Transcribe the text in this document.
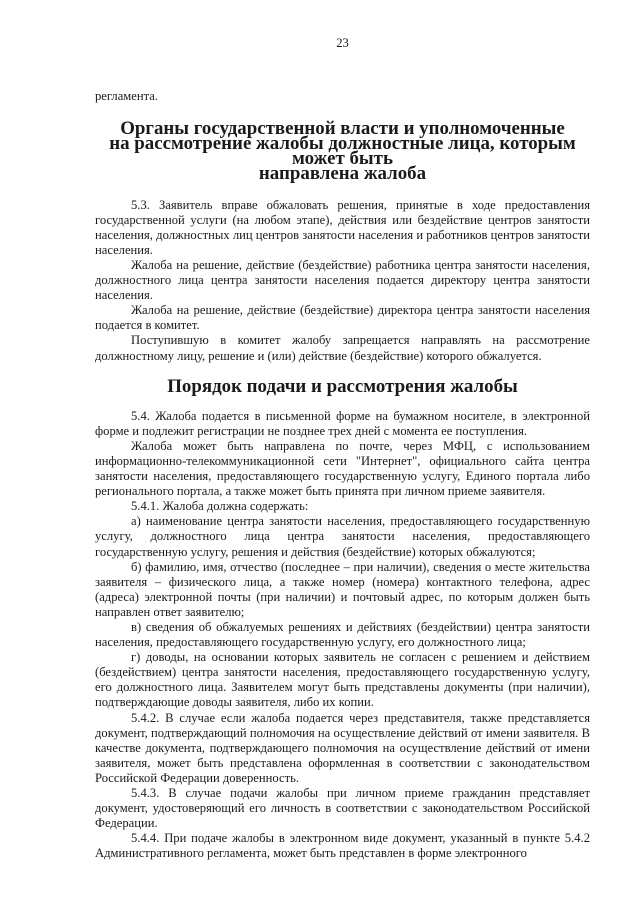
23

регламента.

Органы государственной власти и уполномоченные
на рассмотрение жалобы должностные лица, которым может быть
направлена жалоба

5.3. Заявитель вправе обжаловать решения, принятые в ходе предоставления государственной услуги (на любом этапе), действия или бездействие центров занятости населения, должностных лиц центров занятости населения и работников центров занятости населения.

Жалоба на решение, действие (бездействие) работника центра занятости населения, должностного лица центра занятости населения подается директору центра занятости населения.

Жалоба на решение, действие (бездействие) директора центра занятости населения подается в комитет.

Поступившую в комитет жалобу запрещается направлять на рассмотрение должностному лицу, решение и (или) действие (бездействие) которого обжалуется.

Порядок подачи и рассмотрения жалобы

5.4. Жалоба подается в письменной форме на бумажном носителе, в электронной форме и подлежит регистрации не позднее трех дней с момента ее поступления.

Жалоба может быть направлена по почте, через МФЦ, с использованием информационно-телекоммуникационной сети "Интернет", официального сайта центра занятости населения, предоставляющего государственную услугу, Единого портала либо регионального портала, а также может быть принята при личном приеме заявителя.

5.4.1. Жалоба должна содержать:

а) наименование центра занятости населения, предоставляющего государственную услугу, должностного лица центра занятости населения, предоставляющего государственную услугу, решения и действия (бездействие) которых обжалуются;

б) фамилию, имя, отчество (последнее – при наличии), сведения о месте жительства заявителя – физического лица, а также номер (номера) контактного телефона, адрес (адреса) электронной почты (при наличии) и почтовый адрес, по которым должен быть направлен ответ заявителю;

в) сведения об обжалуемых решениях и действиях (бездействии) центра занятости населения, предоставляющего государственную услугу, его должностного лица;

г) доводы, на основании которых заявитель не согласен с решением и действием (бездействием) центра занятости населения, предоставляющего государственную услугу, его должностного лица. Заявителем могут быть представлены документы (при наличии), подтверждающие доводы заявителя, либо их копии.

5.4.2. В случае если жалоба подается через представителя, также представляется документ, подтверждающий полномочия на осуществление действий от имени заявителя. В качестве документа, подтверждающего полномочия на осуществление действий от имени заявителя, может быть представлена оформленная в соответствии с законодательством Российской Федерации доверенность.

5.4.3. В случае подачи жалобы при личном приеме гражданин представляет документ, удостоверяющий его личность в соответствии с законодательством Российской Федерации.

5.4.4. При подаче жалобы в электронном виде документ, указанный в пункте 5.4.2 Административного регламента, может быть представлен в форме электронного
